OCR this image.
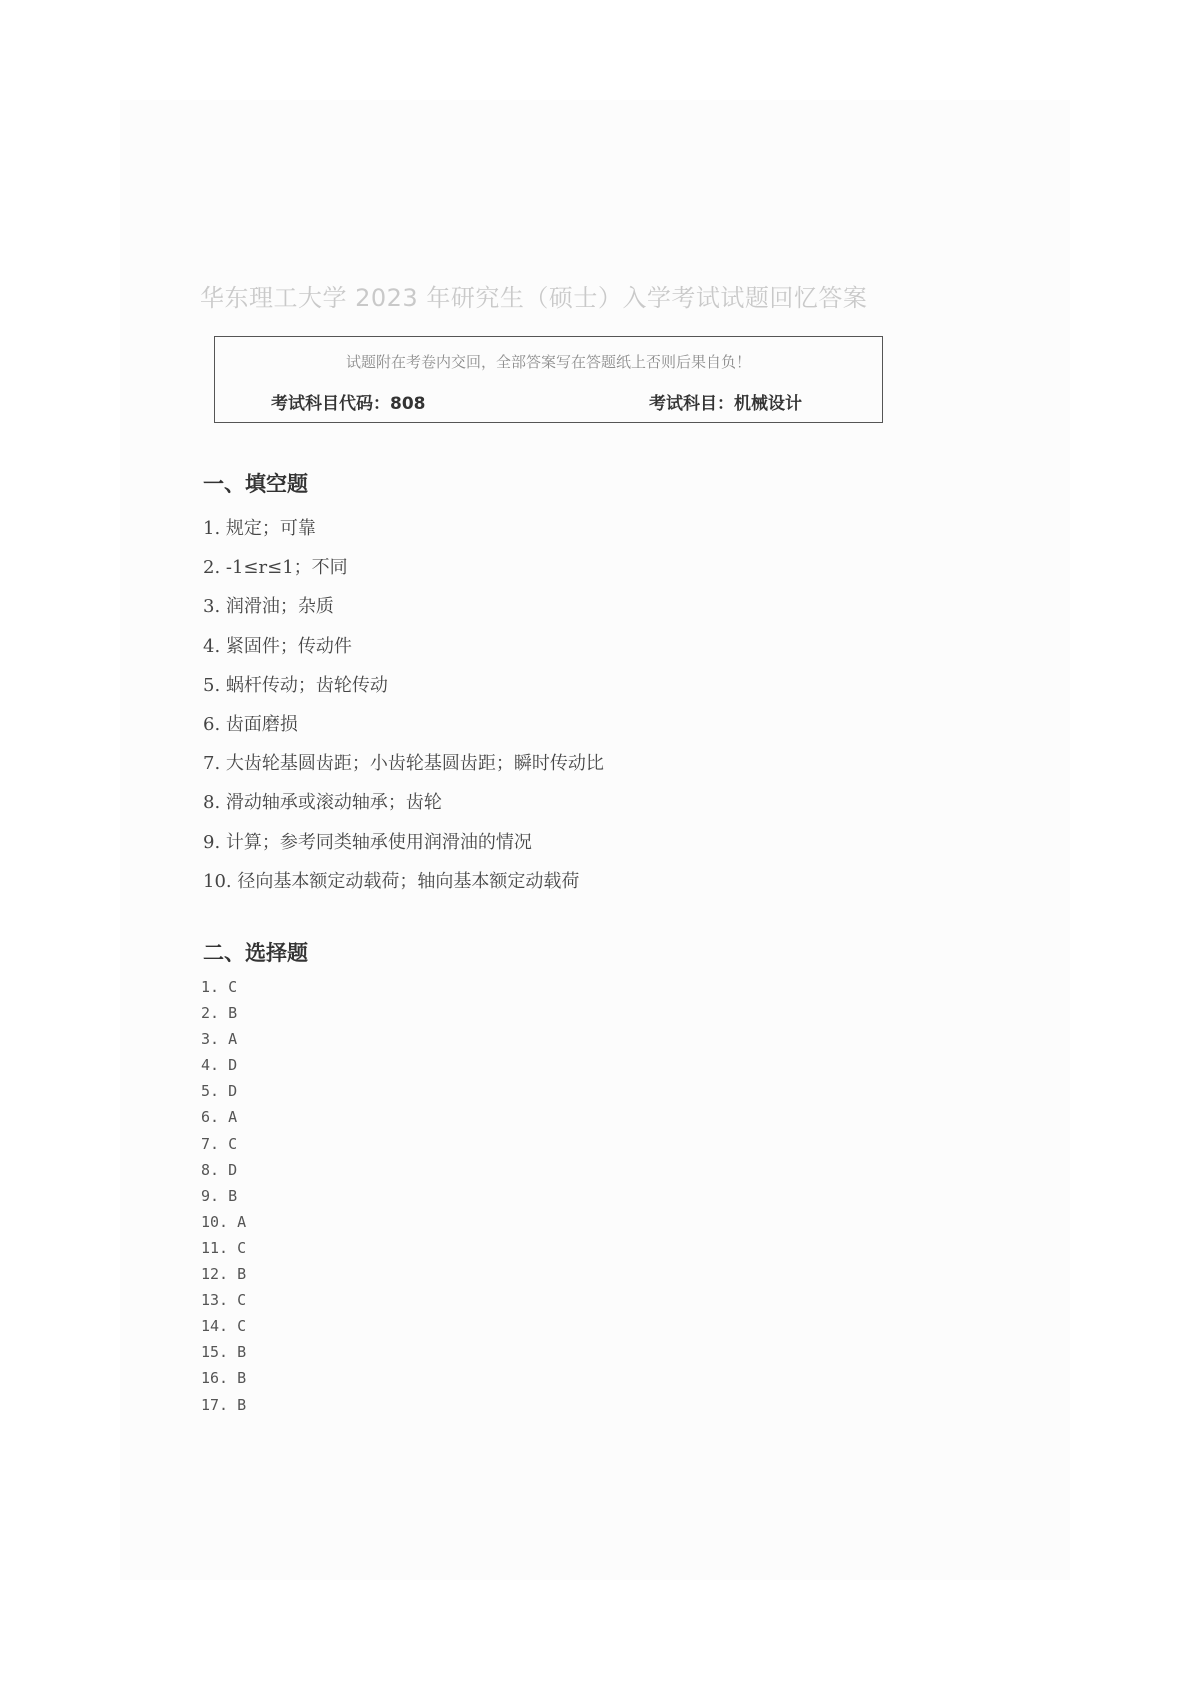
华东理工大学 2023 年研究生（硕士）入学考试试题回忆答案
试题附在考卷内交回，全部答案写在答题纸上否则后果自负！
考试科目代码：808	考试科目：机械设计
一、填空题
1. 规定；可靠
2. -1≤r≤1；不同
3. 润滑油；杂质
4. 紧固件；传动件
5. 蜗杆传动；齿轮传动
6. 齿面磨损
7. 大齿轮基圆齿距；小齿轮基圆齿距；瞬时传动比
8. 滑动轴承或滚动轴承；齿轮
9. 计算；参考同类轴承使用润滑油的情况
10. 径向基本额定动载荷；轴向基本额定动载荷
二、选择题
1. C
2. B
3. A
4. D
5. D
6. A
7. C
8. D
9. B
10. A
11. C
12. B
13. C
14. C
15. B
16. B
17. B
